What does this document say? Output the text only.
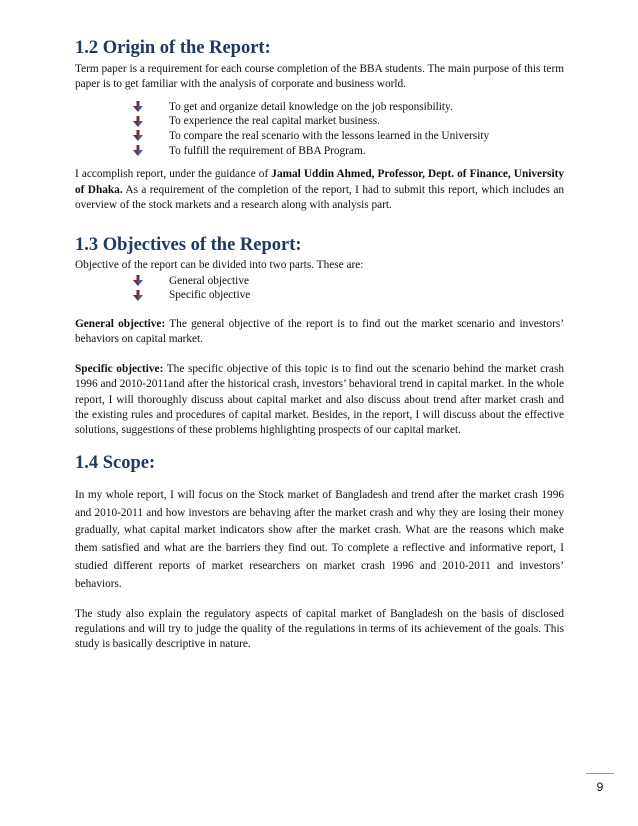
1.2 Origin of the Report:

Term paper is a requirement for each course completion of the BBA students. The main purpose of this term paper is to get familiar with the analysis of corporate and business world.

To get and organize detail knowledge on the job responsibility.
To experience the real capital market business.
To compare the real scenario with the lessons learned in the University
To fulfill the requirement of BBA Program.

I accomplish report, under the guidance of Jamal Uddin Ahmed, Professor, Dept. of Finance, University of Dhaka. As a requirement of the completion of the report, I had to submit this report, which includes an overview of the stock markets and a research along with analysis part.

1.3 Objectives of the Report:

Objective of the report can be divided into two parts. These are:

General objective
Specific objective

General objective: The general objective of the report is to find out the market scenario and investors’ behaviors on capital market.

Specific objective: The specific objective of this topic is to find out the scenario behind the market crash 1996 and 2010-2011and after the historical crash, investors’ behavioral trend in capital market. In the whole report, I will thoroughly discuss about capital market and also discuss about trend after market crash and the existing rules and procedures of capital market. Besides, in the report, I will discuss about the effective solutions, suggestions of these problems highlighting prospects of our capital market.

1.4 Scope:

In my whole report, I will focus on the Stock market of Bangladesh and trend after the market crash 1996 and 2010-2011 and how investors are behaving after the market crash and why they are losing their money gradually, what capital market indicators show after the market crash. What are the reasons which make them satisfied and what are the barriers they find out. To complete a reflective and informative report, I studied different reports of market researchers on market crash 1996 and 2010-2011 and investors’ behaviors.

The study also explain the regulatory aspects of capital market of Bangladesh on the basis of disclosed regulations and will try to judge the quality of the regulations in terms of its achievement of the goals. This study is basically descriptive in nature.

9
